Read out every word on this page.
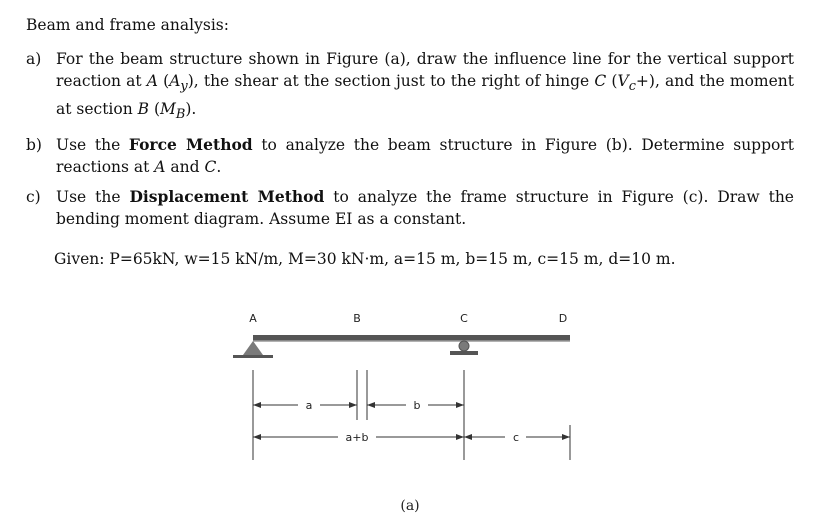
Beam and frame analysis:
a) For the beam structure shown in Figure (a), draw the influence line for the vertical support reaction at A $(A_y)$, the shear at the section just to the right of hinge C $(V_c+)$, and the moment at section B $(M_B)$.
b) Use the Force Method to analyze the beam structure in Figure (b). Determine support reactions at A and C.
c) Use the Displacement Method to analyze the frame structure in Figure (c). Draw the bending moment diagram. Assume EI as a constant.
Given: P=65kN, w=15 kN/m, M=30 kN·m, a=15 m, b=15 m, c=15 m, d=10 m.
A	B	C	D
a	b
a+b	c
(a)
